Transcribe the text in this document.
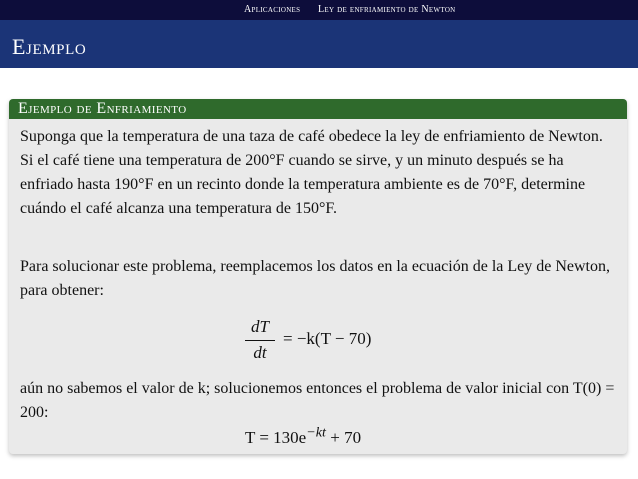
Aplicaciones Ley de enfriamiento de Newton
Ejemplo
Ejemplo de Enfriamiento

Suponga que la temperatura de una taza de café obedece la ley de enfriamiento de Newton. Si el café tiene una temperatura de 200°F cuando se sirve, y un minuto después se ha enfriado hasta 190°F en un recinto donde la temperatura ambiente es de 70°F, determine cuándo el café alcanza una temperatura de 150°F.

Para solucionar este problema, reemplacemos los datos en la ecuación de la Ley de Newton, para obtener:

dT
dt
= −k(T − 70)

aún no sabemos el valor de k; solucionemos entonces el problema de valor inicial con T(0) = 200:

$T = 130e^{-kt} + 70$
